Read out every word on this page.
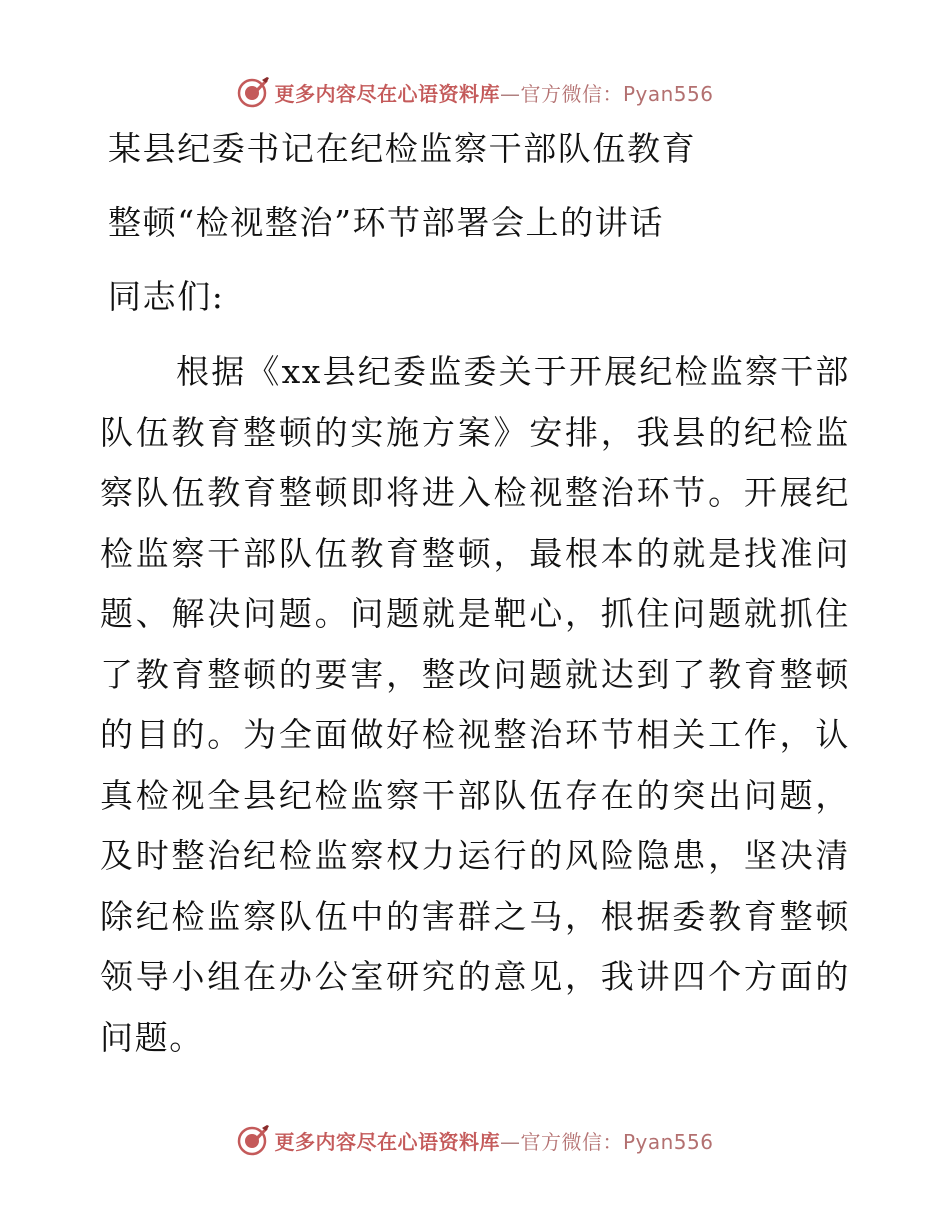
更多内容尽在心语资料库—官方微信：Pyan556
某县纪委书记在纪检监察干部队伍教育
整顿“检视整治”环节部署会上的讲话
同志们:

根据《xx县纪委监委关于开展纪检监察干部队伍教育整顿的实施方案》安排，我县的纪检监察队伍教育整顿即将进入检视整治环节。开展纪检监察干部队伍教育整顿，最根本的就是找准问题、解决问题。问题就是靶心，抓住问题就抓住了教育整顿的要害，整改问题就达到了教育整顿的目的。为全面做好检视整治环节相关工作，认真检视全县纪检监察干部队伍存在的突出问题，及时整治纪检监察权力运行的风险隐患，坚决清除纪检监察队伍中的害群之马，根据委教育整顿领导小组在办公室研究的意见，我讲四个方面的问题。

更多内容尽在心语资料库—官方微信：Pyan556
